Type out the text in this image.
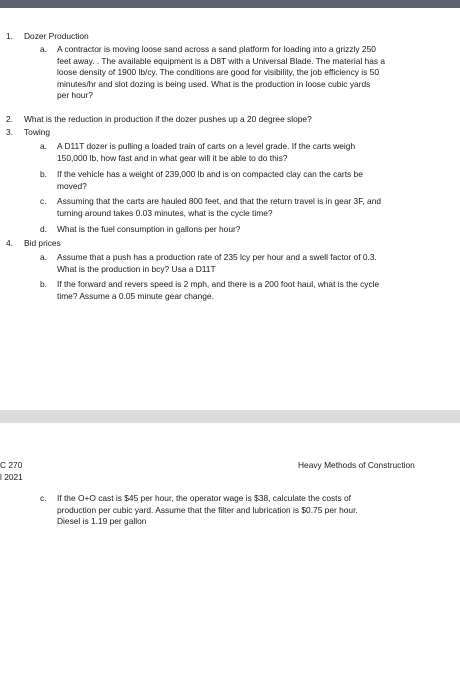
1. Dozer Production
a. A contractor is moving loose sand across a sand platform for loading into a grizzly 250
feet away. . The available equipment is a D8T with a Universal Blade. The material has a
loose density of 1900 lb/cy. The conditions are good for visibility, the job efficiency is 50
minutes/hr and slot dozing is being used. What is the production in loose cubic yards
per hour?
2. What is the reduction in production if the dozer pushes up a 20 degree slope?
3. Towing
a. A D11T dozer is pulling a loaded train of carts on a level grade. If the carts weigh
150,000 lb, how fast and in what gear will it be able to do this?
b. If the vehicle has a weight of 239,000 lb and is on compacted clay can the carts be
moved?
c. Assuming that the carts are hauled 800 feet, and that the return travel is in gear 3F, and
turning around takes 0.03 minutes, what is the cycle time?
d. What is the fuel consumption in gallons per hour?
4. Bid prices
a. Assume that a push has a production rate of 235 lcy per hour and a swell factor of 0.3.
What is the production in bcy? Usa a D11T
b. If the forward and revers speed is 2 mph, and there is a 200 foot haul, what is the cycle
time? Assume a 0.05 minute gear change.
C 270
l 2021
Heavy Methods of Construction
c. If the O+O cast is $45 per hour, the operator wage is $38, calculate the costs of
production per cubic yard. Assume that the filter and lubrication is $0.75 per hour.
Diesel is 1.19 per gallon
